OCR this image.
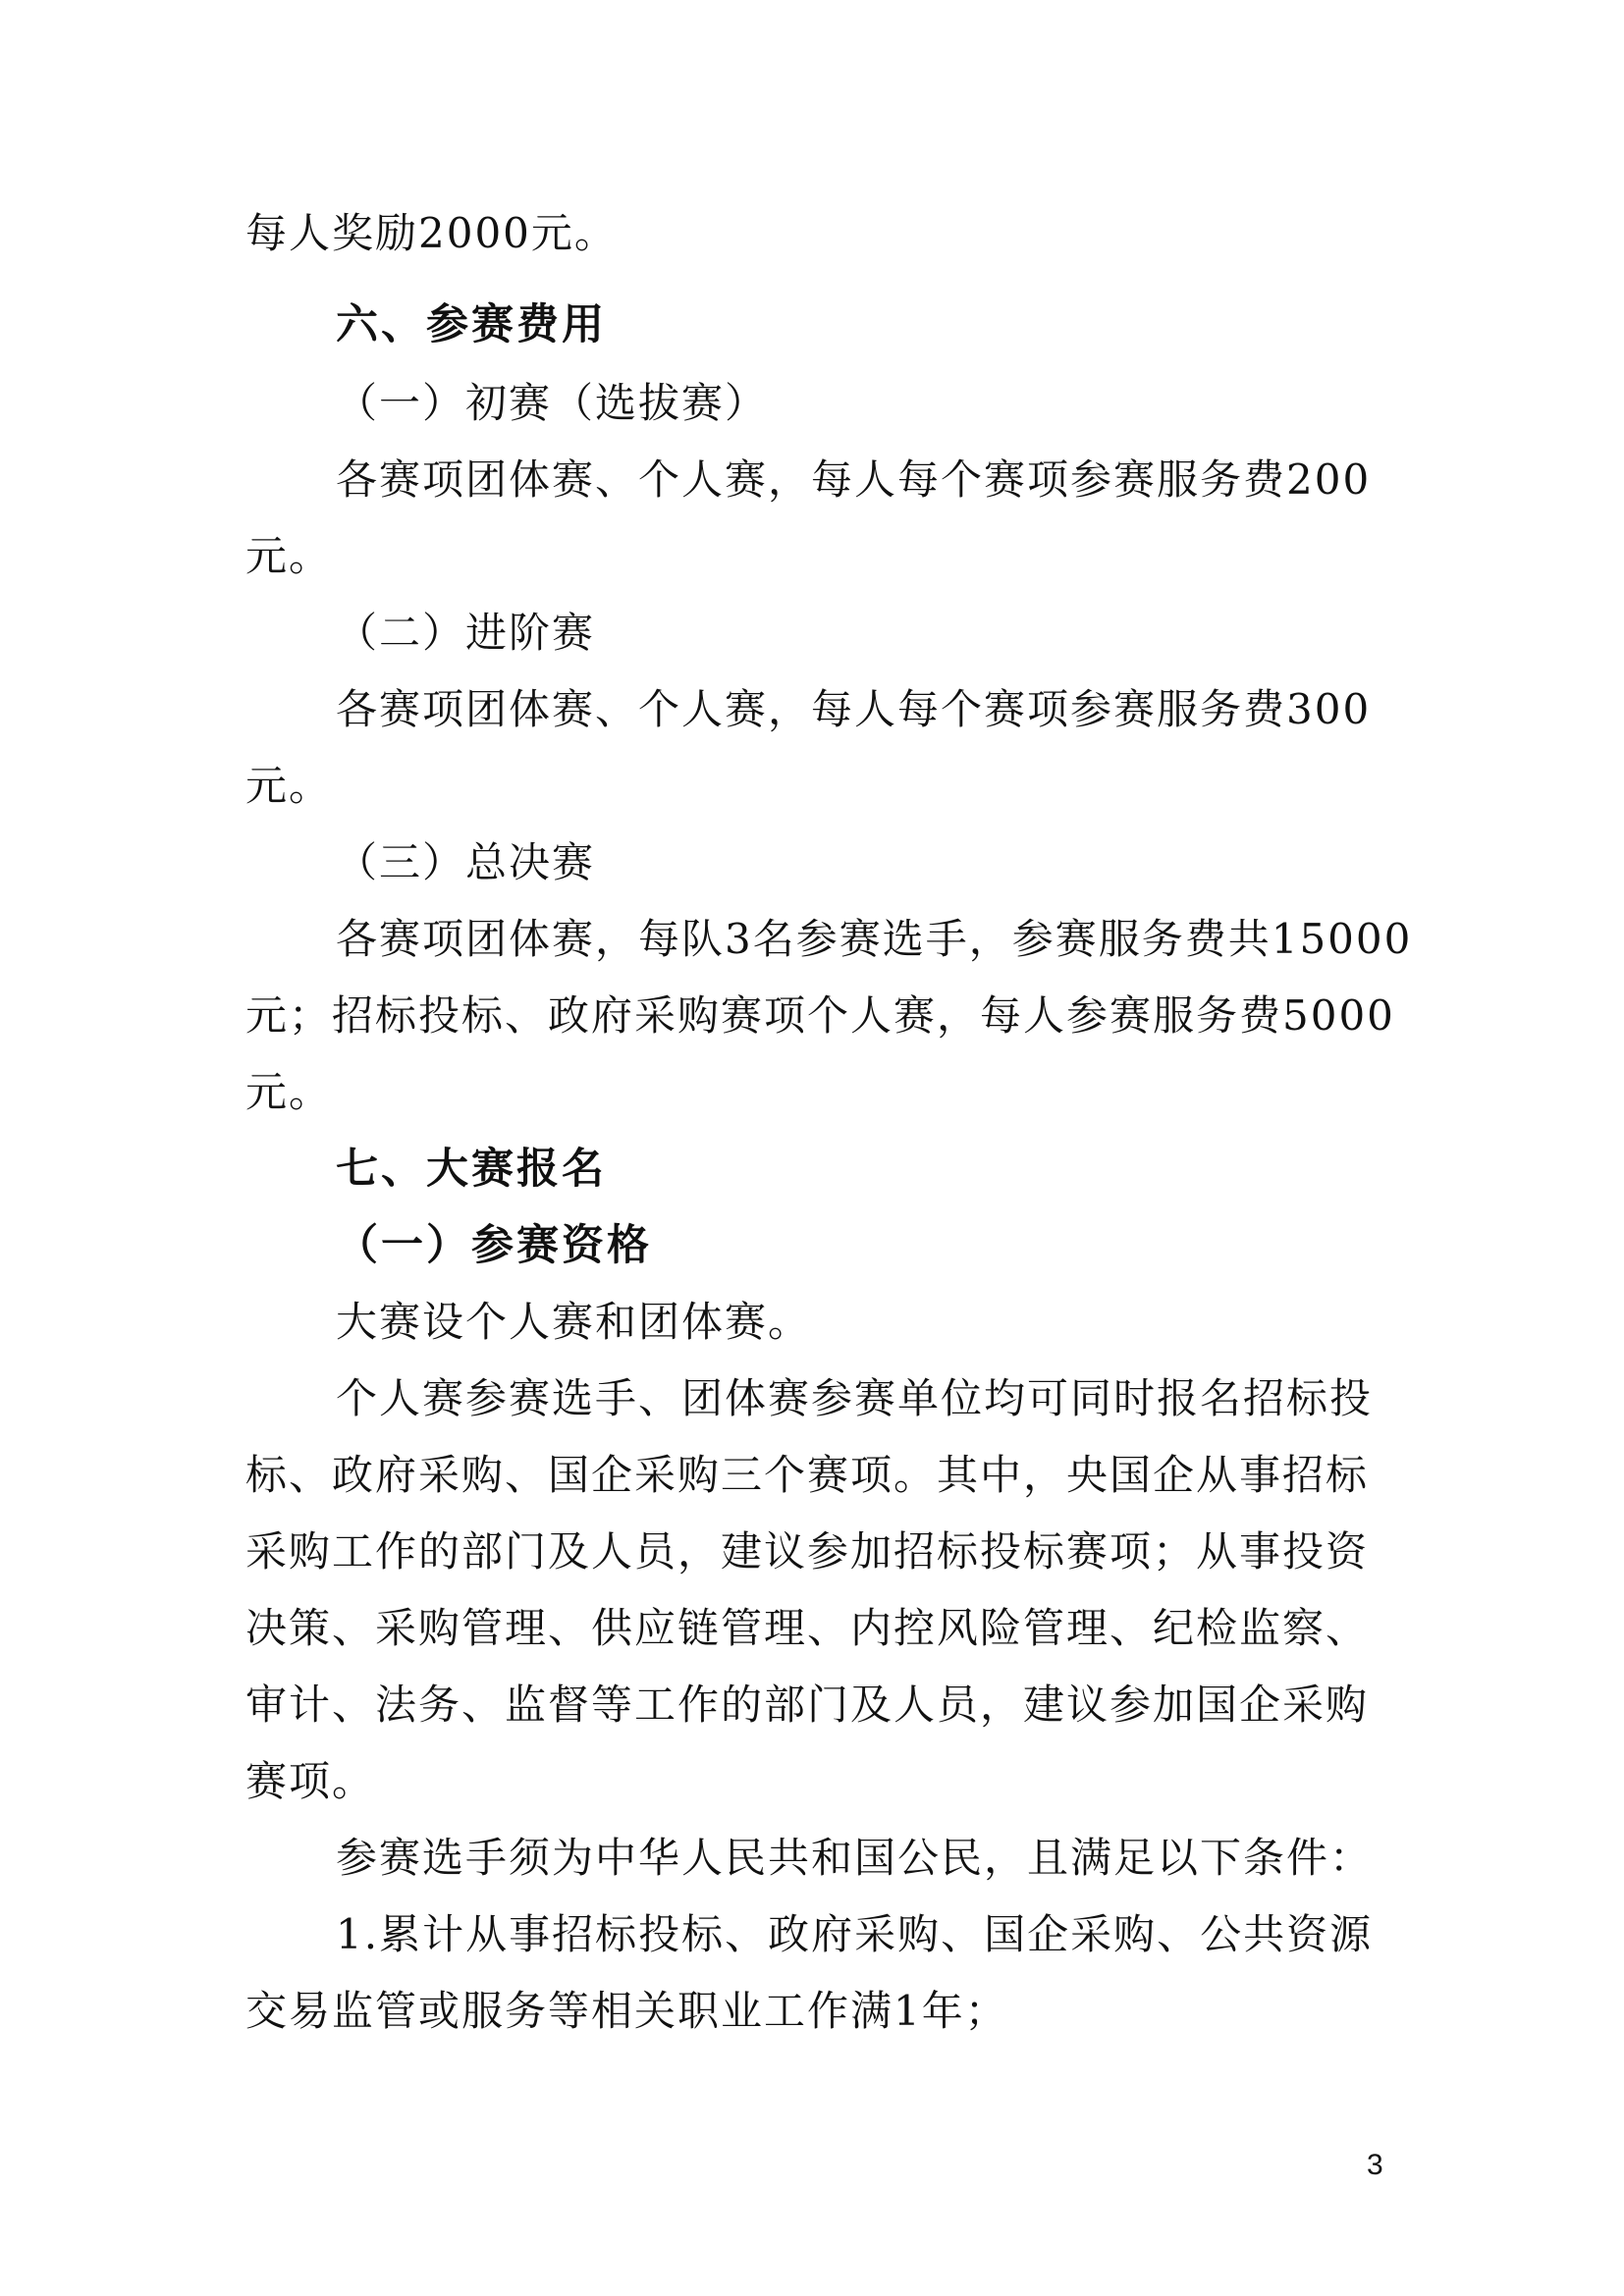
每人奖励2000元。

六、参赛费用

（一）初赛（选拔赛）

各赛项团体赛、个人赛，每人每个赛项参赛服务费200

元。

（二）进阶赛

各赛项团体赛、个人赛，每人每个赛项参赛服务费300

元。

（三）总决赛

各赛项团体赛，每队3名参赛选手，参赛服务费共15000

元；招标投标、政府采购赛项个人赛，每人参赛服务费5000

元。

七、大赛报名

（一）参赛资格

大赛设个人赛和团体赛。

个人赛参赛选手、团体赛参赛单位均可同时报名招标投

标、政府采购、国企采购三个赛项。其中，央国企从事招标

采购工作的部门及人员，建议参加招标投标赛项；从事投资

决策、采购管理、供应链管理、内控风险管理、纪检监察、

审计、法务、监督等工作的部门及人员，建议参加国企采购

赛项。

参赛选手须为中华人民共和国公民，且满足以下条件：

1.累计从事招标投标、政府采购、国企采购、公共资源

交易监管或服务等相关职业工作满1年；

3
